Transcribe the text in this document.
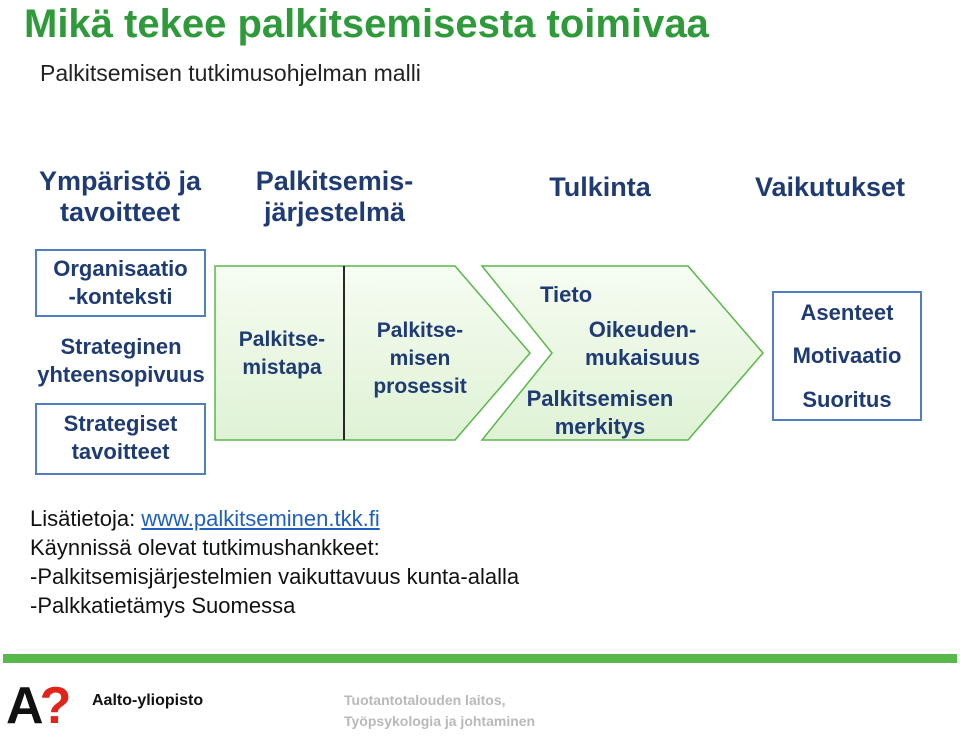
Mikä tekee palkitsemisesta toimivaa
Palkitsemisen tutkimusohjelman malli
Ympäristö ja
tavoitteet
Palkitsemis-
järjestelmä
Tulkinta	Vaikutukset
Organisaatio
-konteksti
Strateginen
yhteensopivuus
Strategiset
tavoitteet
Palkitse-
mistapa
Palkitse-
misen
prosessit
Tieto
Oikeuden-
mukaisuus
Palkitsemisen
merkitys
Asenteet
Motivaatio
Suoritus
Lisätietoja: www.palkitseminen.tkk.fi
Käynnissä olevat tutkimushankkeet:
-Palkitsemisjärjestelmien vaikuttavuus kunta-alalla
-Palkkatietämys Suomessa
A? Aalto-yliopisto	Tuotantotalouden laitos,
Työpsykologia ja johtaminen
